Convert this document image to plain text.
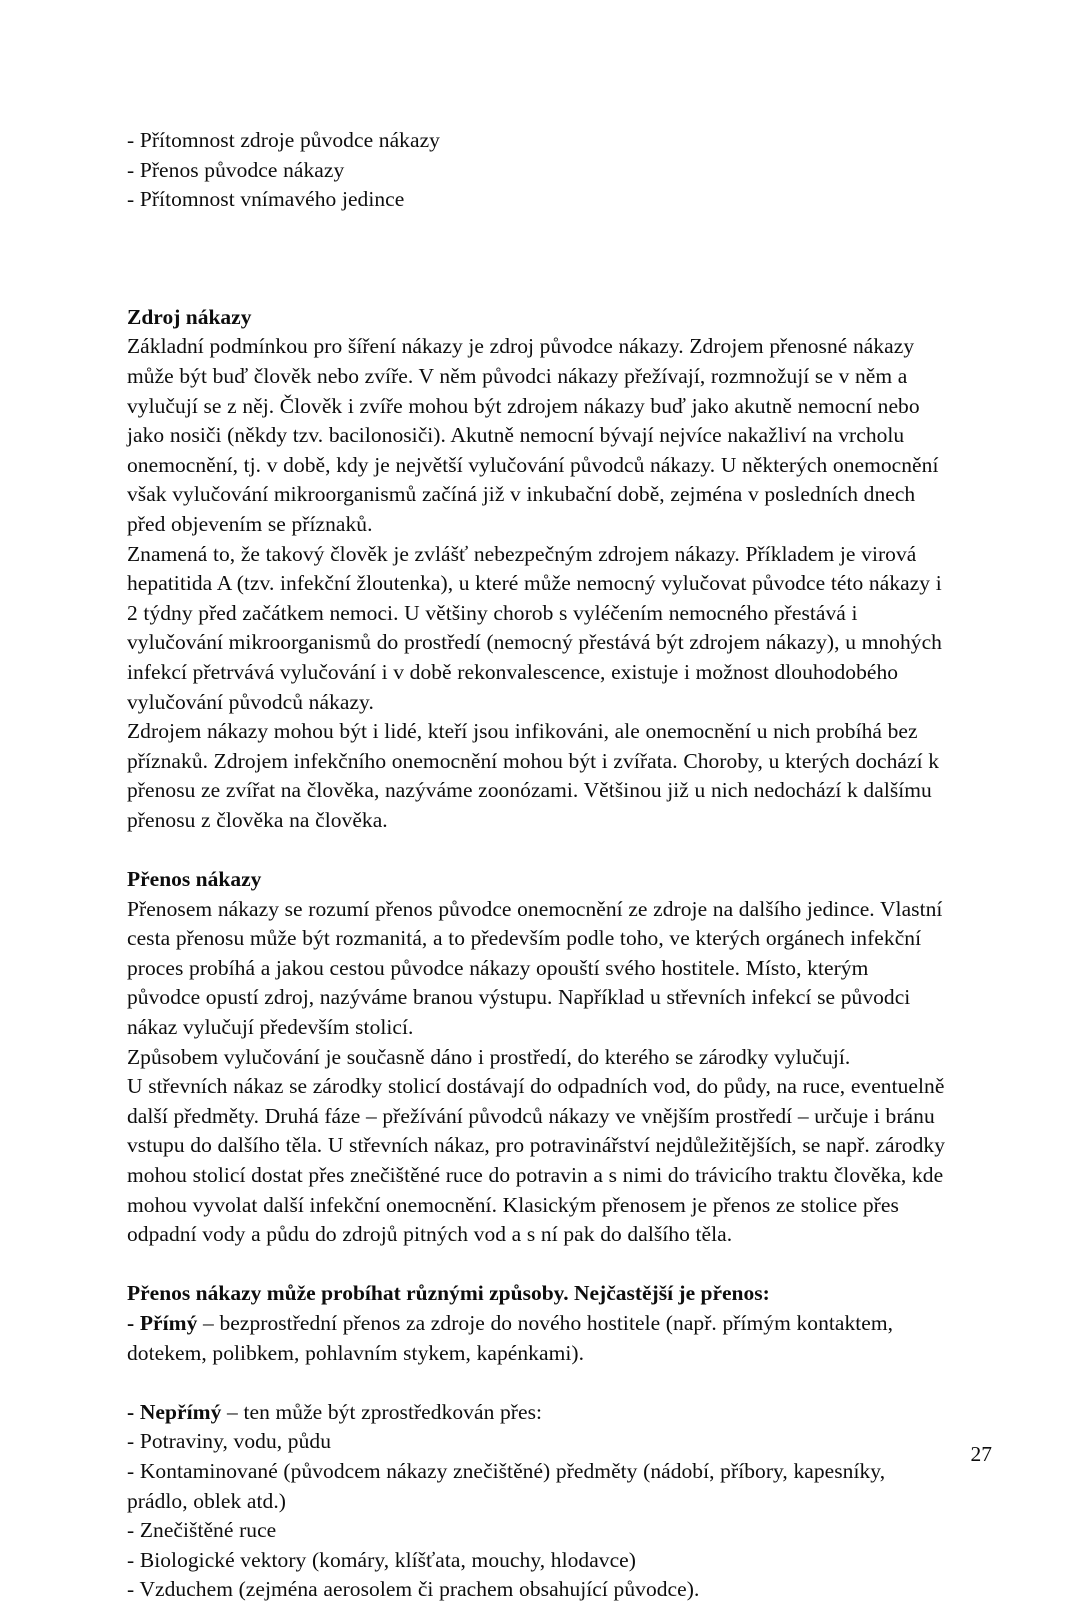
- Přítomnost zdroje původce nákazy

- Přenos původce nákazy

- Přítomnost vnímavého jedince

Zdroj nákazy

Základní podmínkou pro šíření nákazy je zdroj původce nákazy. Zdrojem přenosné nákazy může být buď člověk nebo zvíře. V něm původci nákazy přežívají, rozmnožují se v něm a vylučují se z něj. Člověk i zvíře mohou být zdrojem nákazy buď jako akutně nemocní nebo jako nosiči (někdy tzv. bacilonosiči). Akutně nemocní bývají nejvíce nakažliví na vrcholu onemocnění, tj. v době, kdy je největší vylučování původců nákazy. U některých onemocnění však vylučování mikroorganismů začíná již v inkubační době, zejména v posledních dnech před objevením se příznaků.

Znamená to, že takový člověk je zvlášť nebezpečným zdrojem nákazy. Příkladem je virová hepatitida A (tzv. infekční žloutenka), u které může nemocný vylučovat původce této nákazy i 2 týdny před začátkem nemoci. U většiny chorob s vyléčením nemocného přestává i vylučování mikroorganismů do prostředí (nemocný přestává být zdrojem nákazy), u mnohých infekcí přetrvává vylučování i v době rekonvalescence, existuje i možnost dlouhodobého vylučování původců nákazy.

Zdrojem nákazy mohou být i lidé, kteří jsou infikováni, ale onemocnění u nich probíhá bez příznaků. Zdrojem infekčního onemocnění mohou být i zvířata. Choroby, u kterých dochází k přenosu ze zvířat na člověka, nazýváme zoonózami. Většinou již u nich nedochází k dalšímu přenosu z člověka na člověka.

Přenos nákazy

Přenosem nákazy se rozumí přenos původce onemocnění ze zdroje na dalšího jedince. Vlastní cesta přenosu může být rozmanitá, a to především podle toho, ve kterých orgánech infekční proces probíhá a jakou cestou původce nákazy opouští svého hostitele. Místo, kterým původce opustí zdroj, nazýváme branou výstupu. Například u střevních infekcí se původci nákaz vylučují především stolicí.

Způsobem vylučování je současně dáno i prostředí, do kterého se zárodky vylučují.

U střevních nákaz se zárodky stolicí dostávají do odpadních vod, do půdy, na ruce, eventuelně další předměty. Druhá fáze – přežívání původců nákazy ve vnějším prostředí – určuje i bránu vstupu do dalšího těla. U střevních nákaz, pro potravinářství nejdůležitějších, se např. zárodky mohou stolicí dostat přes znečištěné ruce do potravin a s nimi do trávicího traktu člověka, kde mohou vyvolat další infekční onemocnění. Klasickým přenosem je přenos ze stolice přes odpadní vody a půdu do zdrojů pitných vod a s ní pak do dalšího těla.

Přenos nákazy může probíhat různými způsoby. Nejčastější je přenos:

- Přímý – bezprostřední přenos za zdroje do nového hostitele (např. přímým kontaktem, dotekem, polibkem, pohlavním stykem, kapénkami).

- Nepřímý – ten může být zprostředkován přes:

- Potraviny, vodu, půdu

- Kontaminované (původcem nákazy znečištěné) předměty (nádobí, příbory, kapesníky, prádlo, oblek atd.)

- Znečištěné ruce

- Biologické vektory (komáry, klíšťata, mouchy, hlodavce)

- Vzduchem (zejména aerosolem či prachem obsahující původce).

27
